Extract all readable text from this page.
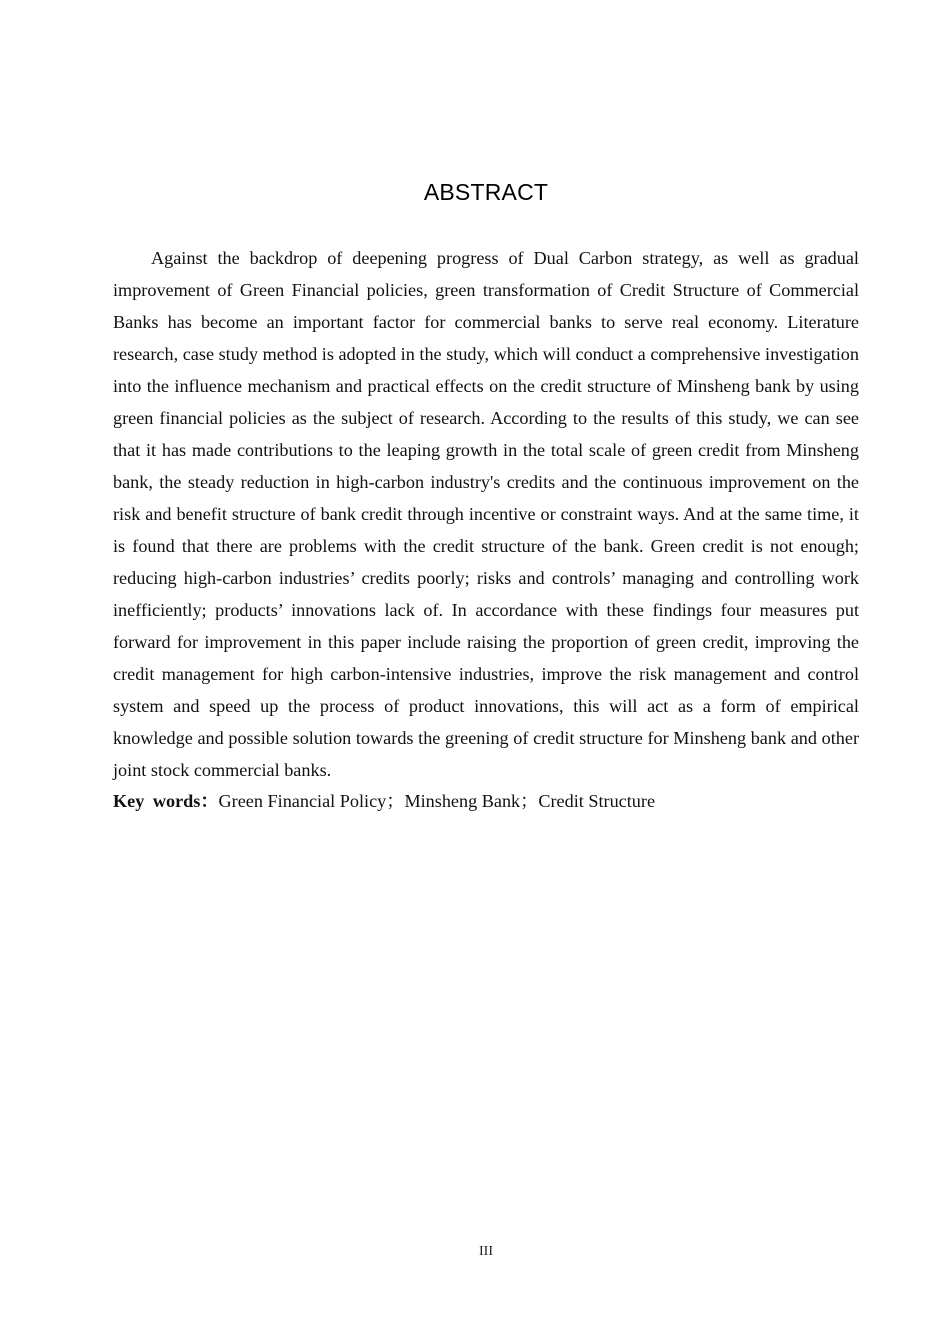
ABSTRACT

Against the backdrop of deepening progress of Dual Carbon strategy, as well as gradual improvement of Green Financial policies, green transformation of Credit Structure of Commercial Banks has become an important factor for commercial banks to serve real economy. Literature research, case study method is adopted in the study, which will conduct a comprehensive investigation into the influence mechanism and practical effects on the credit structure of Minsheng bank by using green financial policies as the subject of research. According to the results of this study, we can see that it has made contributions to the leaping growth in the total scale of green credit from Minsheng bank, the steady reduction in high-carbon industry's credits and the continuous improvement on the risk and benefit structure of bank credit through incentive or constraint ways. And at the same time, it is found that there are problems with the credit structure of the bank. Green credit is not enough; reducing high-carbon industries’ credits poorly; risks and controls’ managing and controlling work inefficiently; products’ innovations lack of. In accordance with these findings four measures put forward for improvement in this paper include raising the proportion of green credit, improving the credit management for high carbon-intensive industries, improve the risk management and control system and speed up the process of product innovations, this will act as a form of empirical knowledge and possible solution towards the greening of credit structure for Minsheng bank and other joint stock commercial banks.

Key words：Green Financial Policy；Minsheng Bank；Credit Structure
III
